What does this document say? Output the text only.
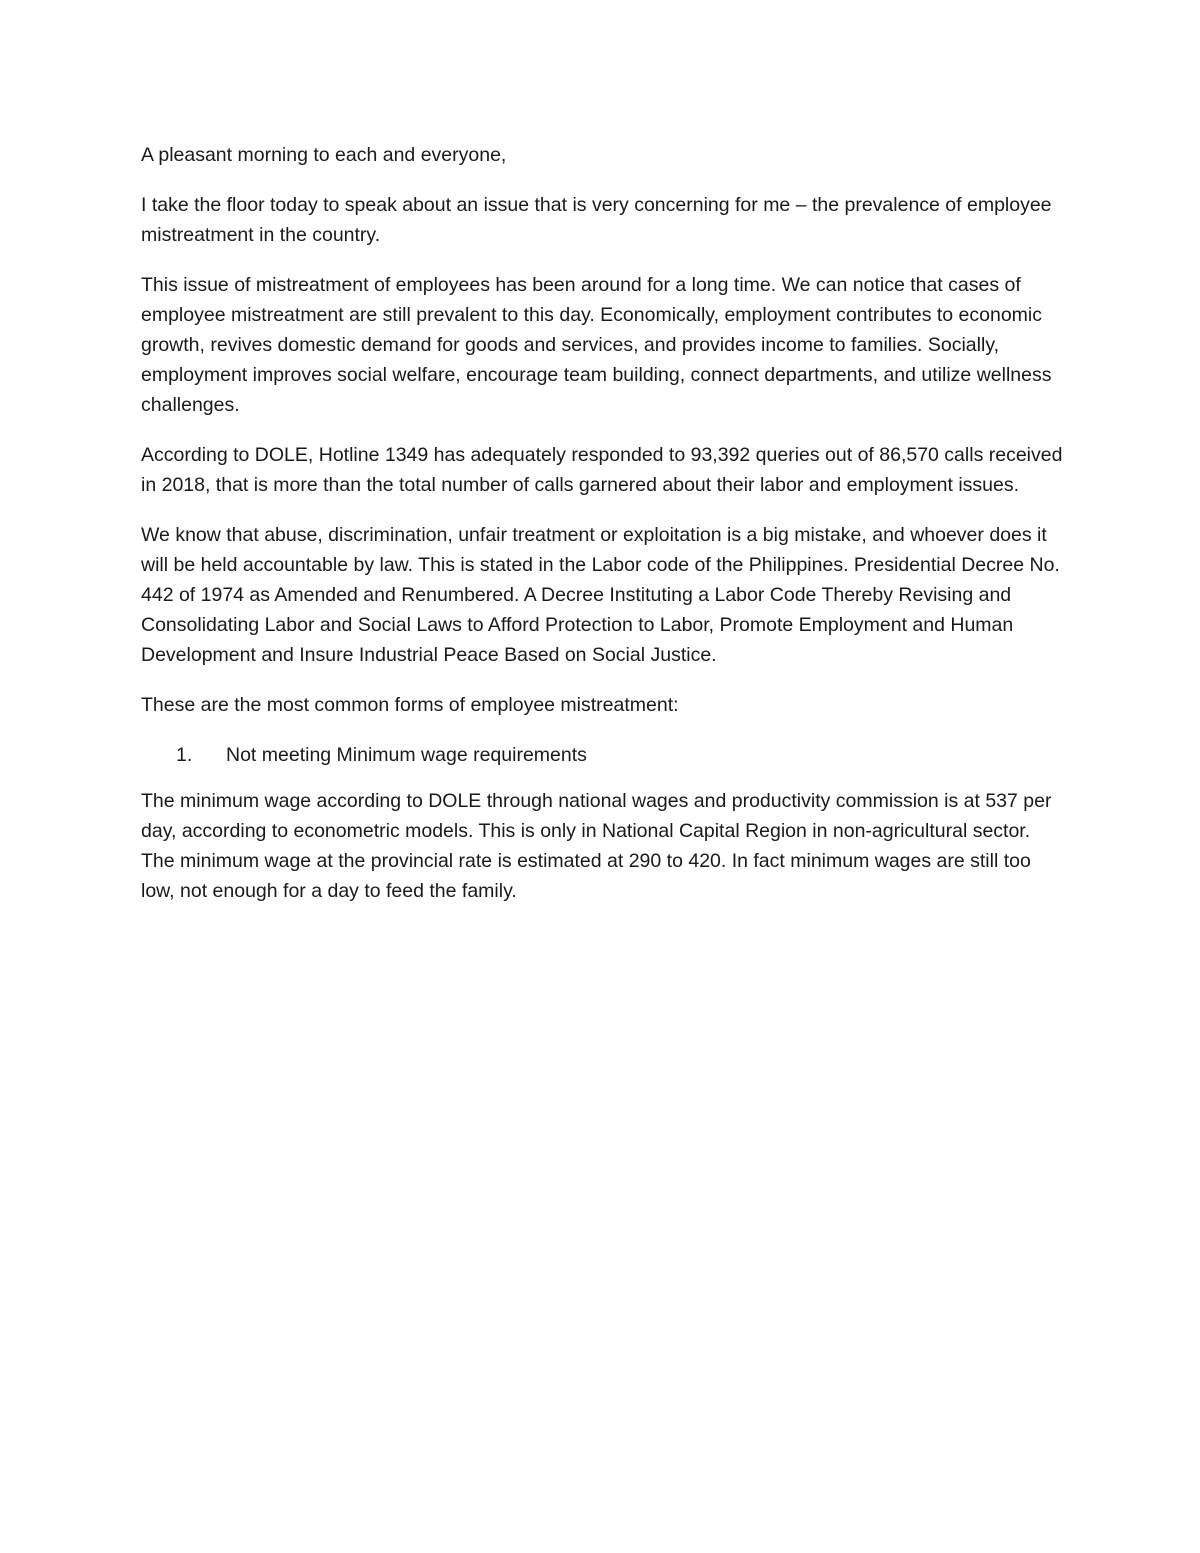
A pleasant morning to each and everyone,

I take the floor today to speak about an issue that is very concerning for me – the prevalence of employee mistreatment in the country.

This issue of mistreatment of employees has been around for a long time. We can notice that cases of employee mistreatment are still prevalent to this day. Economically, employment contributes to economic growth, revives domestic demand for goods and services, and provides income to families. Socially, employment improves social welfare, encourage team building, connect departments, and utilize wellness challenges.

According to DOLE, Hotline 1349 has adequately responded to 93,392 queries out of 86,570 calls received in 2018, that is more than the total number of calls garnered about their labor and employment issues.

We know that abuse, discrimination, unfair treatment or exploitation is a big mistake, and whoever does it will be held accountable by law. This is stated in the Labor code of the Philippines. Presidential Decree No. 442 of 1974 as Amended and Renumbered. A Decree Instituting a Labor Code Thereby Revising and Consolidating Labor and Social Laws to Afford Protection to Labor, Promote Employment and Human Development and Insure Industrial Peace Based on Social Justice.

These are the most common forms of employee mistreatment:

1.	Not meeting Minimum wage requirements

The minimum wage according to DOLE through national wages and productivity commission is at 537 per day, according to econometric models. This is only in National Capital Region in non-agricultural sector. The minimum wage at the provincial rate is estimated at 290 to 420. In fact minimum wages are still too low, not enough for a day to feed the family.
